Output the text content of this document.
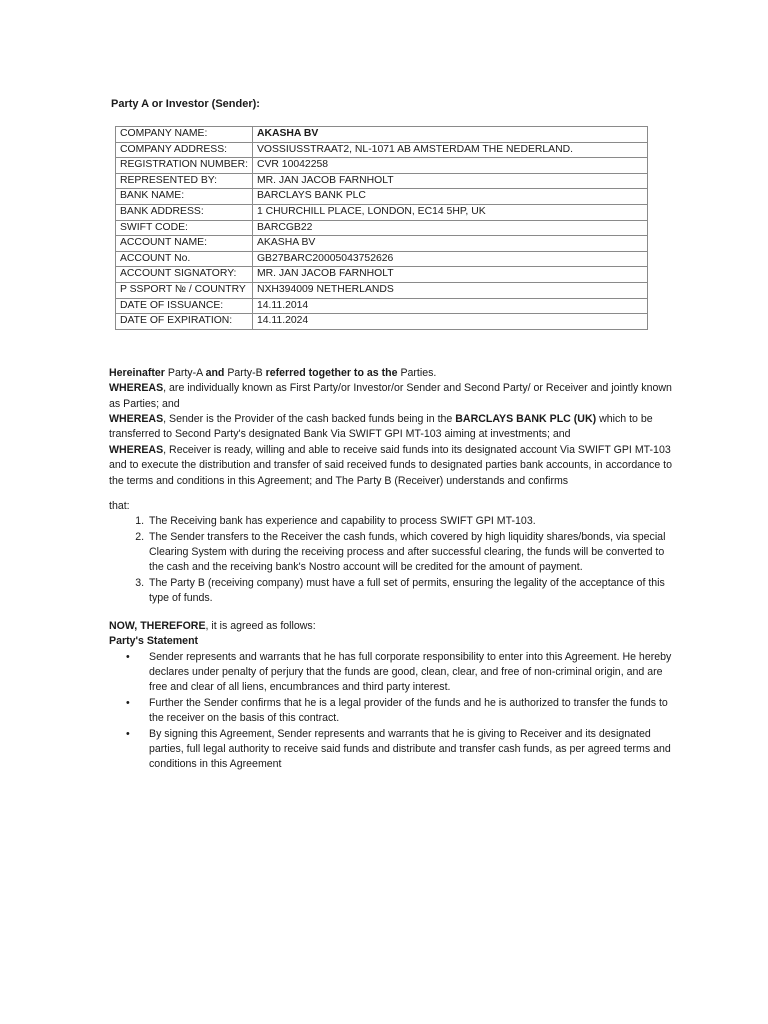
Party A or Investor (Sender):
COMPANY NAME:	AKASHA BV
COMPANY ADDRESS:	VOSSIUSSTRAAT2, NL-1071 AB AMSTERDAM THE NEDERLAND.
REGISTRATION NUMBER:	CVR 10042258
REPRESENTED BY:	MR. JAN JACOB FARNHOLT
BANK NAME:	BARCLAYS BANK PLC
BANK ADDRESS:	1 CHURCHILL PLACE, LONDON, EC14 5HP, UK
SWIFT CODE:	BARCGB22
ACCOUNT NAME:	AKASHA BV
ACCOUNT No.	GB27BARC20005043752626
ACCOUNT SIGNATORY:	MR. JAN JACOB FARNHOLT
P SSPORT № / COUNTRY	NXH394009 NETHERLANDS
DATE OF ISSUANCE:	14.11.2014
DATE OF EXPIRATION:	14.11.2024

Hereinafter Party-A and Party-B referred together to as the Parties.

WHEREAS, are individually known as First Party/or Investor/or Sender and Second Party/ or Receiver and jointly known as Parties; and

WHEREAS, Sender is the Provider of the cash backed funds being in the BARCLAYS BANK PLC (UK) which to be transferred to Second Party's designated Bank Via SWIFT GPI MT-103 aiming at investments; and

WHEREAS, Receiver is ready, willing and able to receive said funds into its designated account Via SWIFT GPI MT-103 and to execute the distribution and transfer of said received funds to designated parties bank accounts, in accordance to the terms and conditions in this Agreement; and The Party B (Receiver) understands and confirms

that:

1. The Receiving bank has experience and capability to process SWIFT GPI MT-103.
2. The Sender transfers to the Receiver the cash funds, which covered by high liquidity shares/bonds, via special Clearing System with during the receiving process and after successful clearing, the funds will be converted to the cash and the receiving bank's Nostro account will be credited for the amount of payment.
3. The Party B (receiving company) must have a full set of permits, ensuring the legality of the acceptance of this type of funds.

NOW, THEREFORE, it is agreed as follows:

Party's Statement

• Sender represents and warrants that he has full corporate responsibility to enter into this Agreement. He hereby declares under penalty of perjury that the funds are good, clean, clear, and free of non-criminal origin, and are free and clear of all liens, encumbrances and third party interest.
• Further the Sender confirms that he is a legal provider of the funds and he is authorized to transfer the funds to the receiver on the basis of this contract.
• By signing this Agreement, Sender represents and warrants that he is giving to Receiver and its designated parties, full legal authority to receive said funds and distribute and transfer cash funds, as per agreed terms and conditions in this Agreement
